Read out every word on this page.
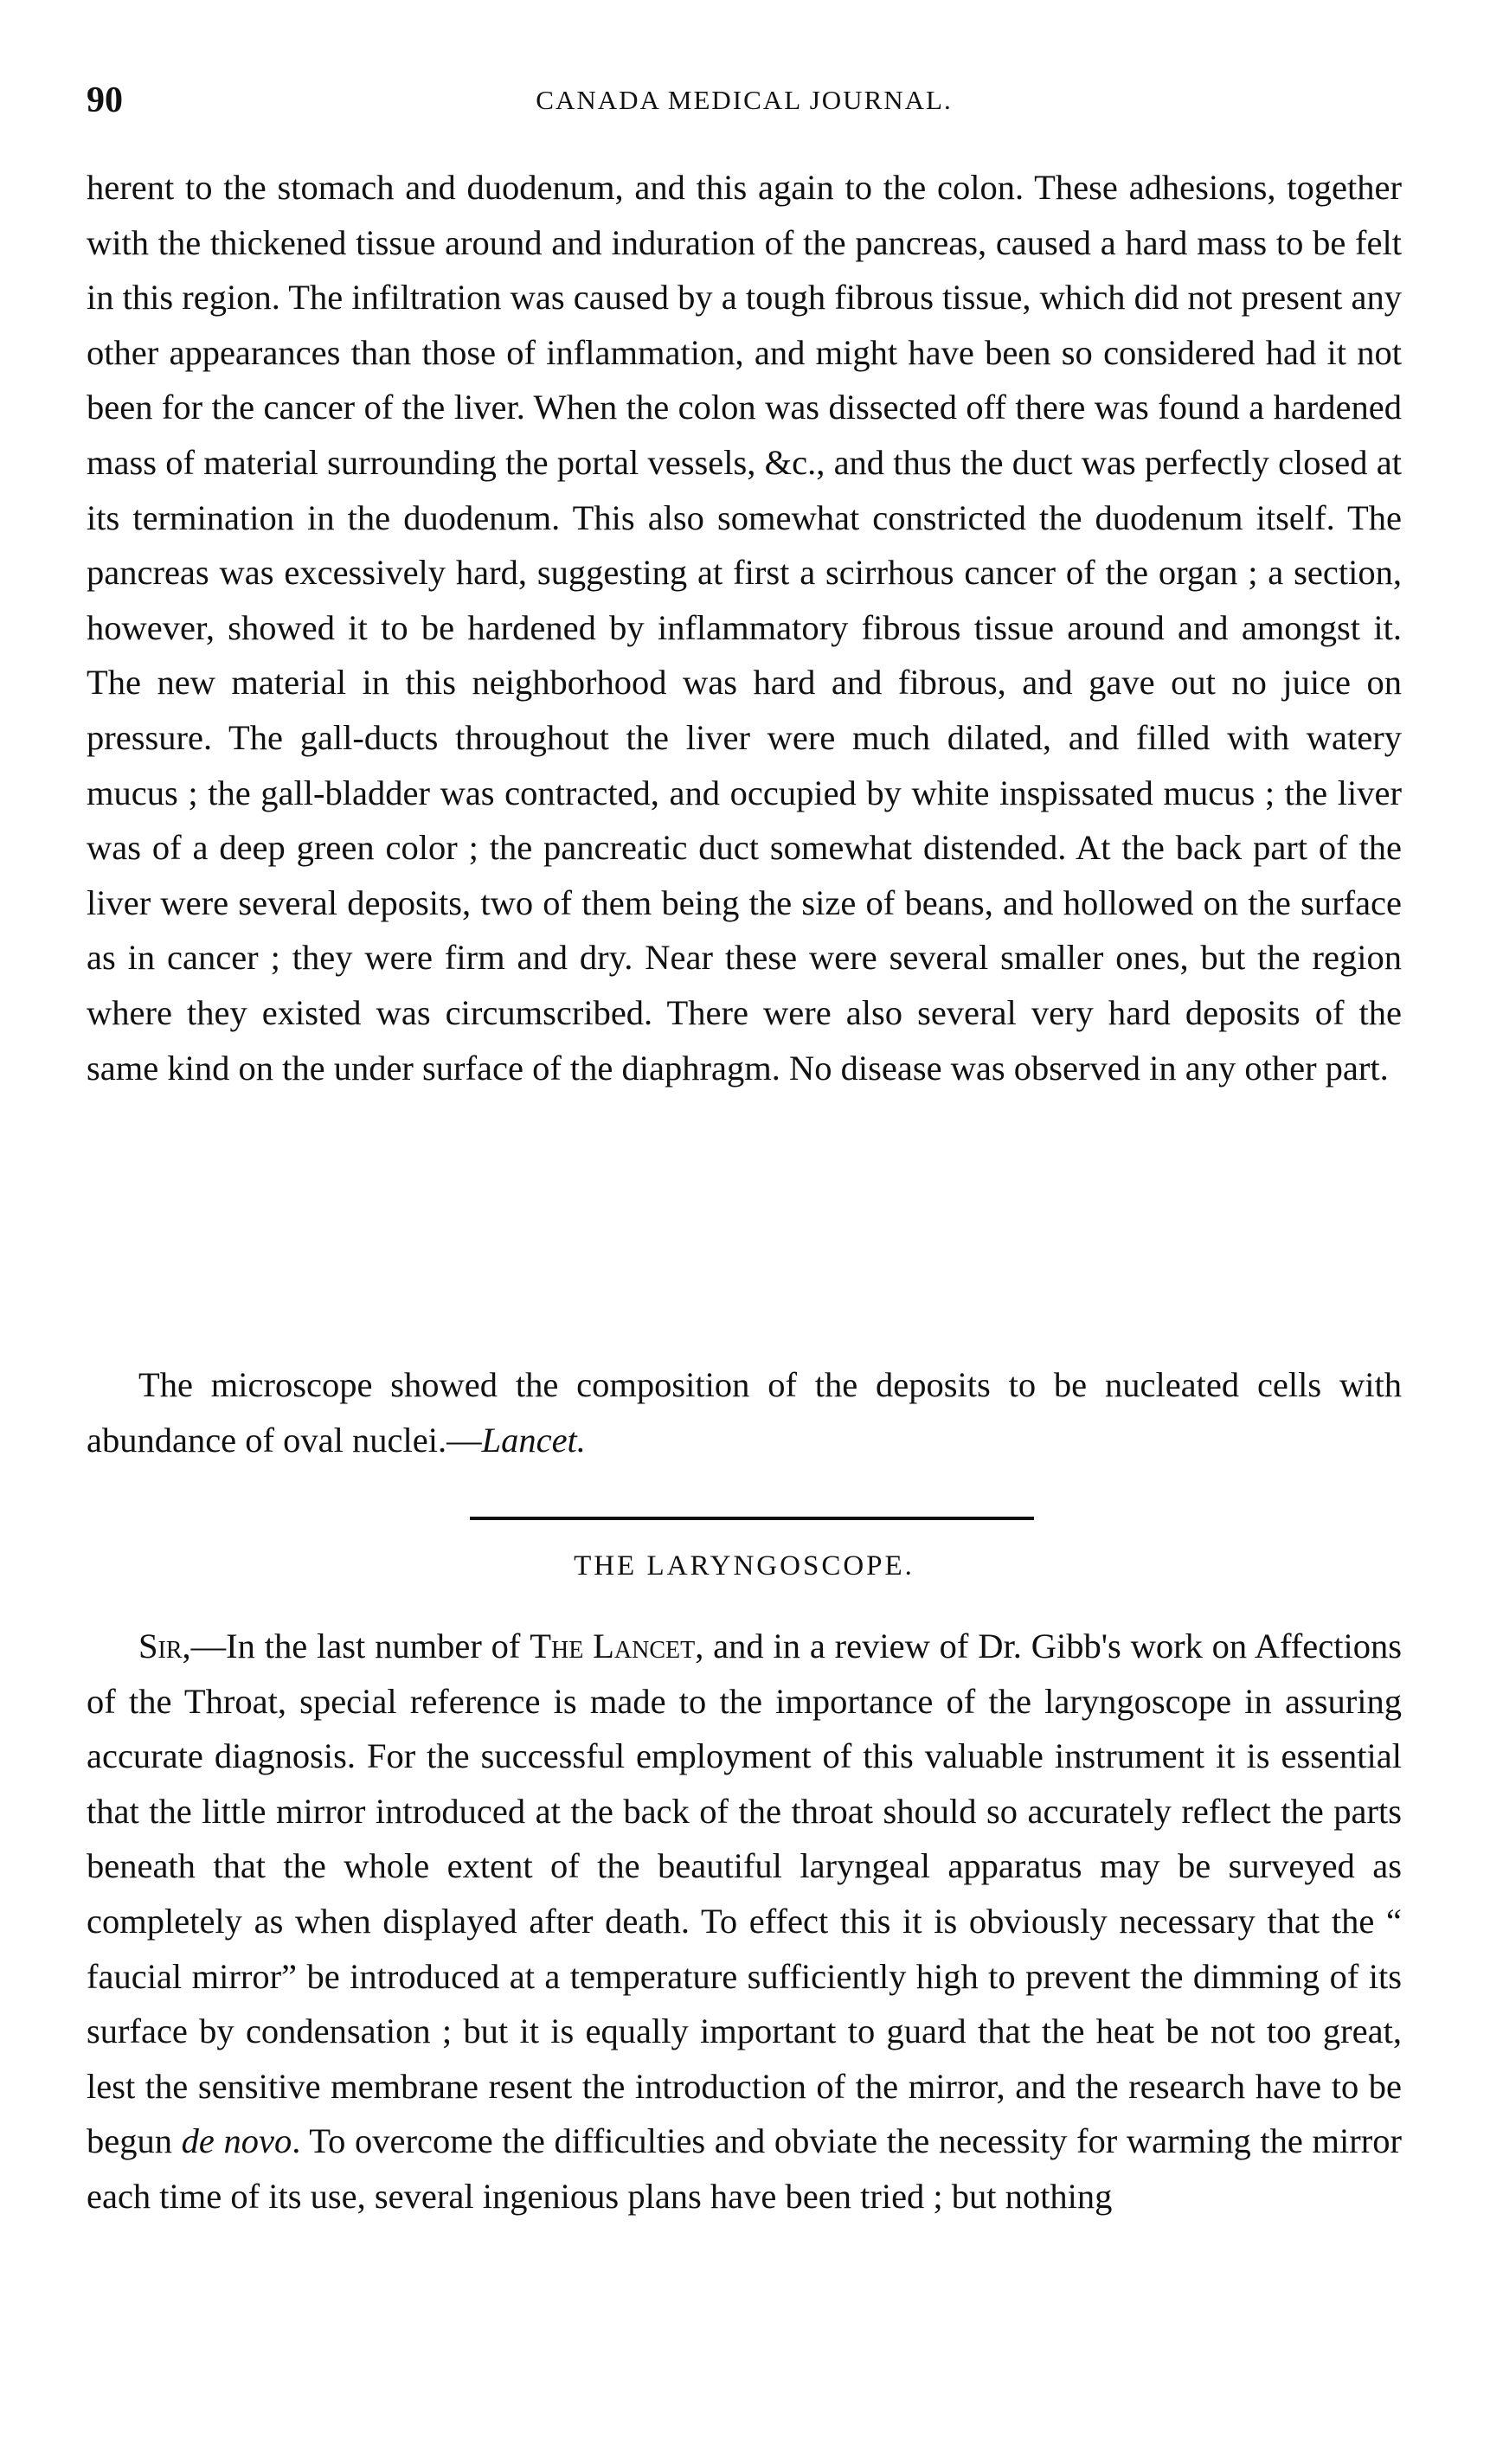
90	CANADA MEDICAL JOURNAL.

herent to the stomach and duodenum, and this again to the colon. These adhesions, together with the thickened tissue around and induration of the pancreas, caused a hard mass to be felt in this region. The infiltration was caused by a tough fibrous tissue, which did not present any other appearances than those of inflammation, and might have been so considered had it not been for the cancer of the liver. When the colon was dissected off there was found a hardened mass of material surrounding the portal vessels, &c., and thus the duct was perfectly closed at its termination in the duodenum. This also somewhat constricted the duodenum itself. The pancreas was excessively hard, suggesting at first a scirrhous cancer of the organ ; a section, however, showed it to be hardened by inflammatory fibrous tissue around and amongst it. The new material in this neighborhood was hard and fibrous, and gave out no juice on pressure. The gall-ducts throughout the liver were much dilated, and filled with watery mucus ; the gall-bladder was contracted, and occupied by white inspissated mucus ; the liver was of a deep green color ; the pancreatic duct somewhat distended. At the back part of the liver were several deposits, two of them being the size of beans, and hollowed on the surface as in cancer ; they were firm and dry. Near these were several smaller ones, but the region where they existed was circumscribed. There were also several very hard deposits of the same kind on the under surface of the diaphragm. No disease was observed in any other part.

The microscope showed the composition of the deposits to be nucleated cells with abundance of oval nuclei.—Lancet.

THE LARYNGOSCOPE.

Sir,—In the last number of The Lancet, and in a review of Dr. Gibb's work on Affections of the Throat, special reference is made to the importance of the laryngoscope in assuring accurate diagnosis. For the successful employment of this valuable instrument it is essential that the little mirror introduced at the back of the throat should so accurately reflect the parts beneath that the whole extent of the beautiful laryngeal apparatus may be surveyed as completely as when displayed after death. To effect this it is obviously necessary that the “ faucial mirror” be introduced at a temperature sufficiently high to prevent the dimming of its surface by condensation ; but it is equally important to guard that the heat be not too great, lest the sensitive membrane resent the introduction of the mirror, and the research have to be begun de novo. To overcome the difficulties and obviate the necessity for warming the mirror each time of its use, several ingenious plans have been tried ; but nothing
